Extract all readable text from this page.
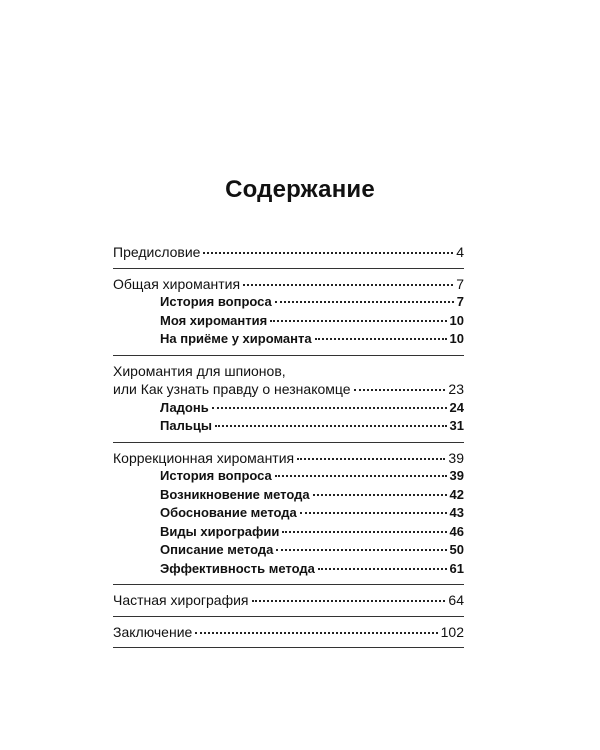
Содержание
Предисловие	4
Общая хиромантия	7
История вопроса	7
Моя хиромантия	10
На приёме у хироманта	10
Хиромантия для шпионов,
или Как узнать правду о незнакомце	23
Ладонь	24
Пальцы	31
Коррекционная хиромантия	39
История вопроса	39
Возникновение метода	42
Обоснование метода	43
Виды хирографии	46
Описание метода	50
Эффективность метода	61
Частная хирография	64
Заключение	102
